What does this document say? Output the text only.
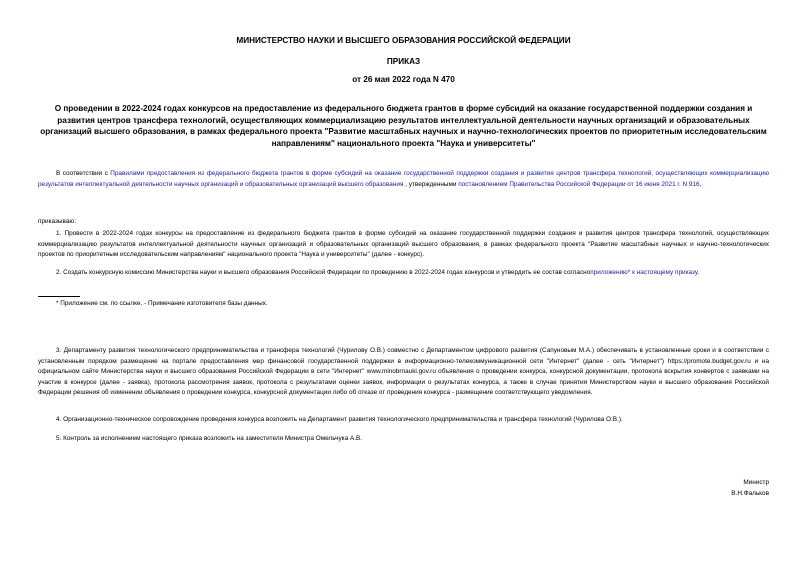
МИНИСТЕРСТВО НАУКИ И ВЫСШЕГО ОБРАЗОВАНИЯ РОССИЙСКОЙ ФЕДЕРАЦИИ
ПРИКАЗ
от 26 мая 2022 года N 470
О проведении в 2022-2024 годах конкурсов на предоставление из федерального бюджета грантов в форме субсидий на оказание государственной поддержки создания и развития центров трансфера технологий, осуществляющих коммерциализацию результатов интеллектуальной деятельности научных организаций и образовательных организаций высшего образования, в рамках федерального проекта "Развитие масштабных научных и научно-технологических проектов по приоритетным исследовательским направлениям" национального проекта "Наука и университеты"
В соответствии с Правилами предоставления из федерального бюджета грантов в форме субсидий на оказание государственной поддержки создания и развития центров трансфера технологий, осуществляющих коммерциализацию результатов интеллектуальной деятельности научных организаций и образовательных организаций высшего образования , утвержденными постановлением Правительства Российской Федерации от 16 июня 2021 г. N 916,
приказываю:
1. Провести в 2022-2024 годах конкурсы на предоставление из федерального бюджета грантов в форме субсидий на оказание государственной поддержки создания и развития центров трансфера технологий, осуществляющих коммерциализацию результатов интеллектуальной деятельности научных организаций и образовательных организаций высшего образования, в рамках федерального проекта "Развитие масштабных научных и научно-технологических проектов по приоритетным исследовательским направлениям" национального проекта "Наука и университеты" (далее - конкурс).
2. Создать конкурсную комиссию Министерства науки и высшего образования Российской Федерации по проведению в 2022-2024 годах конкурсов и утвердить ее состав согласноприложению* к настоящему приказу.
* Приложение см. по ссылке. - Примечание изготовителя базы данных.
3. Департаменту развития технологического предпринимательства и трансфера технологий (Чурилову О.В.) совместно с Департаментом цифрового развития (Сапуновым М.А.) обеспечивать в установленные сроки и в соответствии с установленным порядком размещение на портале предоставления мер финансовой государственной поддержки в информационно-телекоммуникационной сети "Интернет" (далее - сеть "Интернет") https://promote.budget.gov.ru и на официальном сайте Министерства науки и высшего образования Российской Федерации в сети "Интернет" www.minobrnauki.gov.ru объявления о проведении конкурса, конкурсной документации, протокола вскрытия конвертов с заявками на участие в конкурсе (далее - заявка), протокола рассмотрения заявок, протокола с результатами оценки заявок, информации о результатах конкурса, а также в случае принятия Министерством науки и высшего образования Российской Федерации решения об изменении объявления о проведении конкурса, конкурсной документации либо об отказе от проведения конкурса - размещение соответствующего уведомления.
4. Организационно-техническое сопровождение проведения конкурса возложить на Департамент развития технологического предпринимательства и трансфера технологий (Чурилова О.В.).
5. Контроль за исполнением настоящего приказа возложить на заместителя Министра Омельчука А.В.
Министр
В.Н.Фальков
